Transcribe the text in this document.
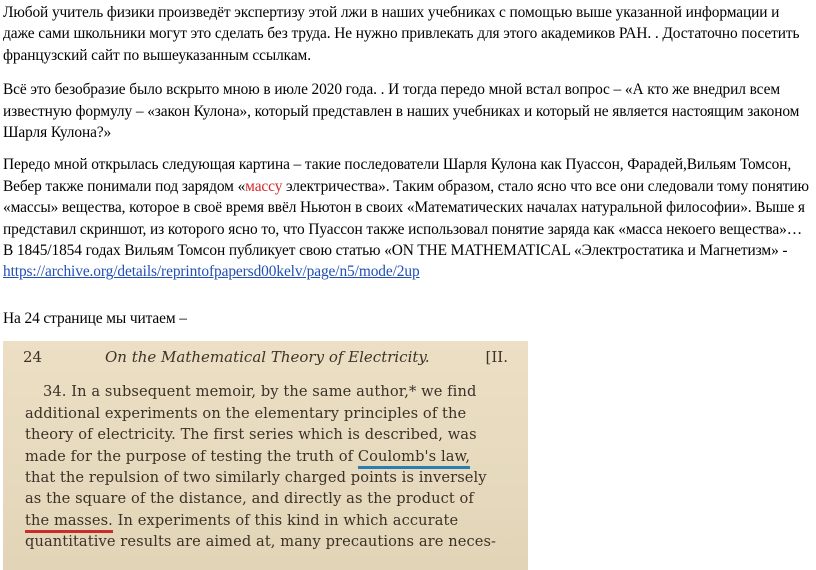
Любой учитель физики произведёт экспертизу этой лжи в наших учебниках с помощью выше указанной информации и даже сами школьники могут это сделать без труда. Не нужно привлекать для этого академиков РАН. . Достаточно посетить французский сайт по вышеуказанным ссылкам.

Всё это безобразие было вскрыто мною в июле 2020 года. . И тогда передо мной встал вопрос – «А кто же внедрил всем известную формулу – «закон Кулона», который представлен в наших учебниках и который не является настоящим законом Шарля Кулона?»

Передо мной открылась следующая картина – такие последователи Шарля Кулона как Пуассон, Фарадей,Вильям Томсон, Вебер также понимали под зарядом «массу электричества». Таким образом, стало ясно что все они следовали тому понятию «массы» вещества, которое в своё время ввёл Ньютон в своих «Математических началах натуральной философии». Выше я представил скриншот, из которого ясно то, что Пуассон также использовал понятие заряда как «масса некоего вещества»… В 1845/1854 годах Вильям Томсон публикует свою статью «ON THE MATHEMATICAL «Электростатика и Магнетизм» - https://archive.org/details/reprintofpapersd00kelv/page/n5/mode/2up

На 24 странице мы читаем –

24	On the Mathematical Theory of Electricity.	[II.
34. In a subsequent memoir, by the same author,* we find
additional experiments on the elementary principles of the
theory of electricity. The first series which is described, was
made for the purpose of testing the truth of Coulomb's law,
that the repulsion of two similarly charged points is inversely
as the square of the distance, and directly as the product of
the masses. In experiments of this kind in which accurate
quantitative results are aimed at, many precautions are neces-
